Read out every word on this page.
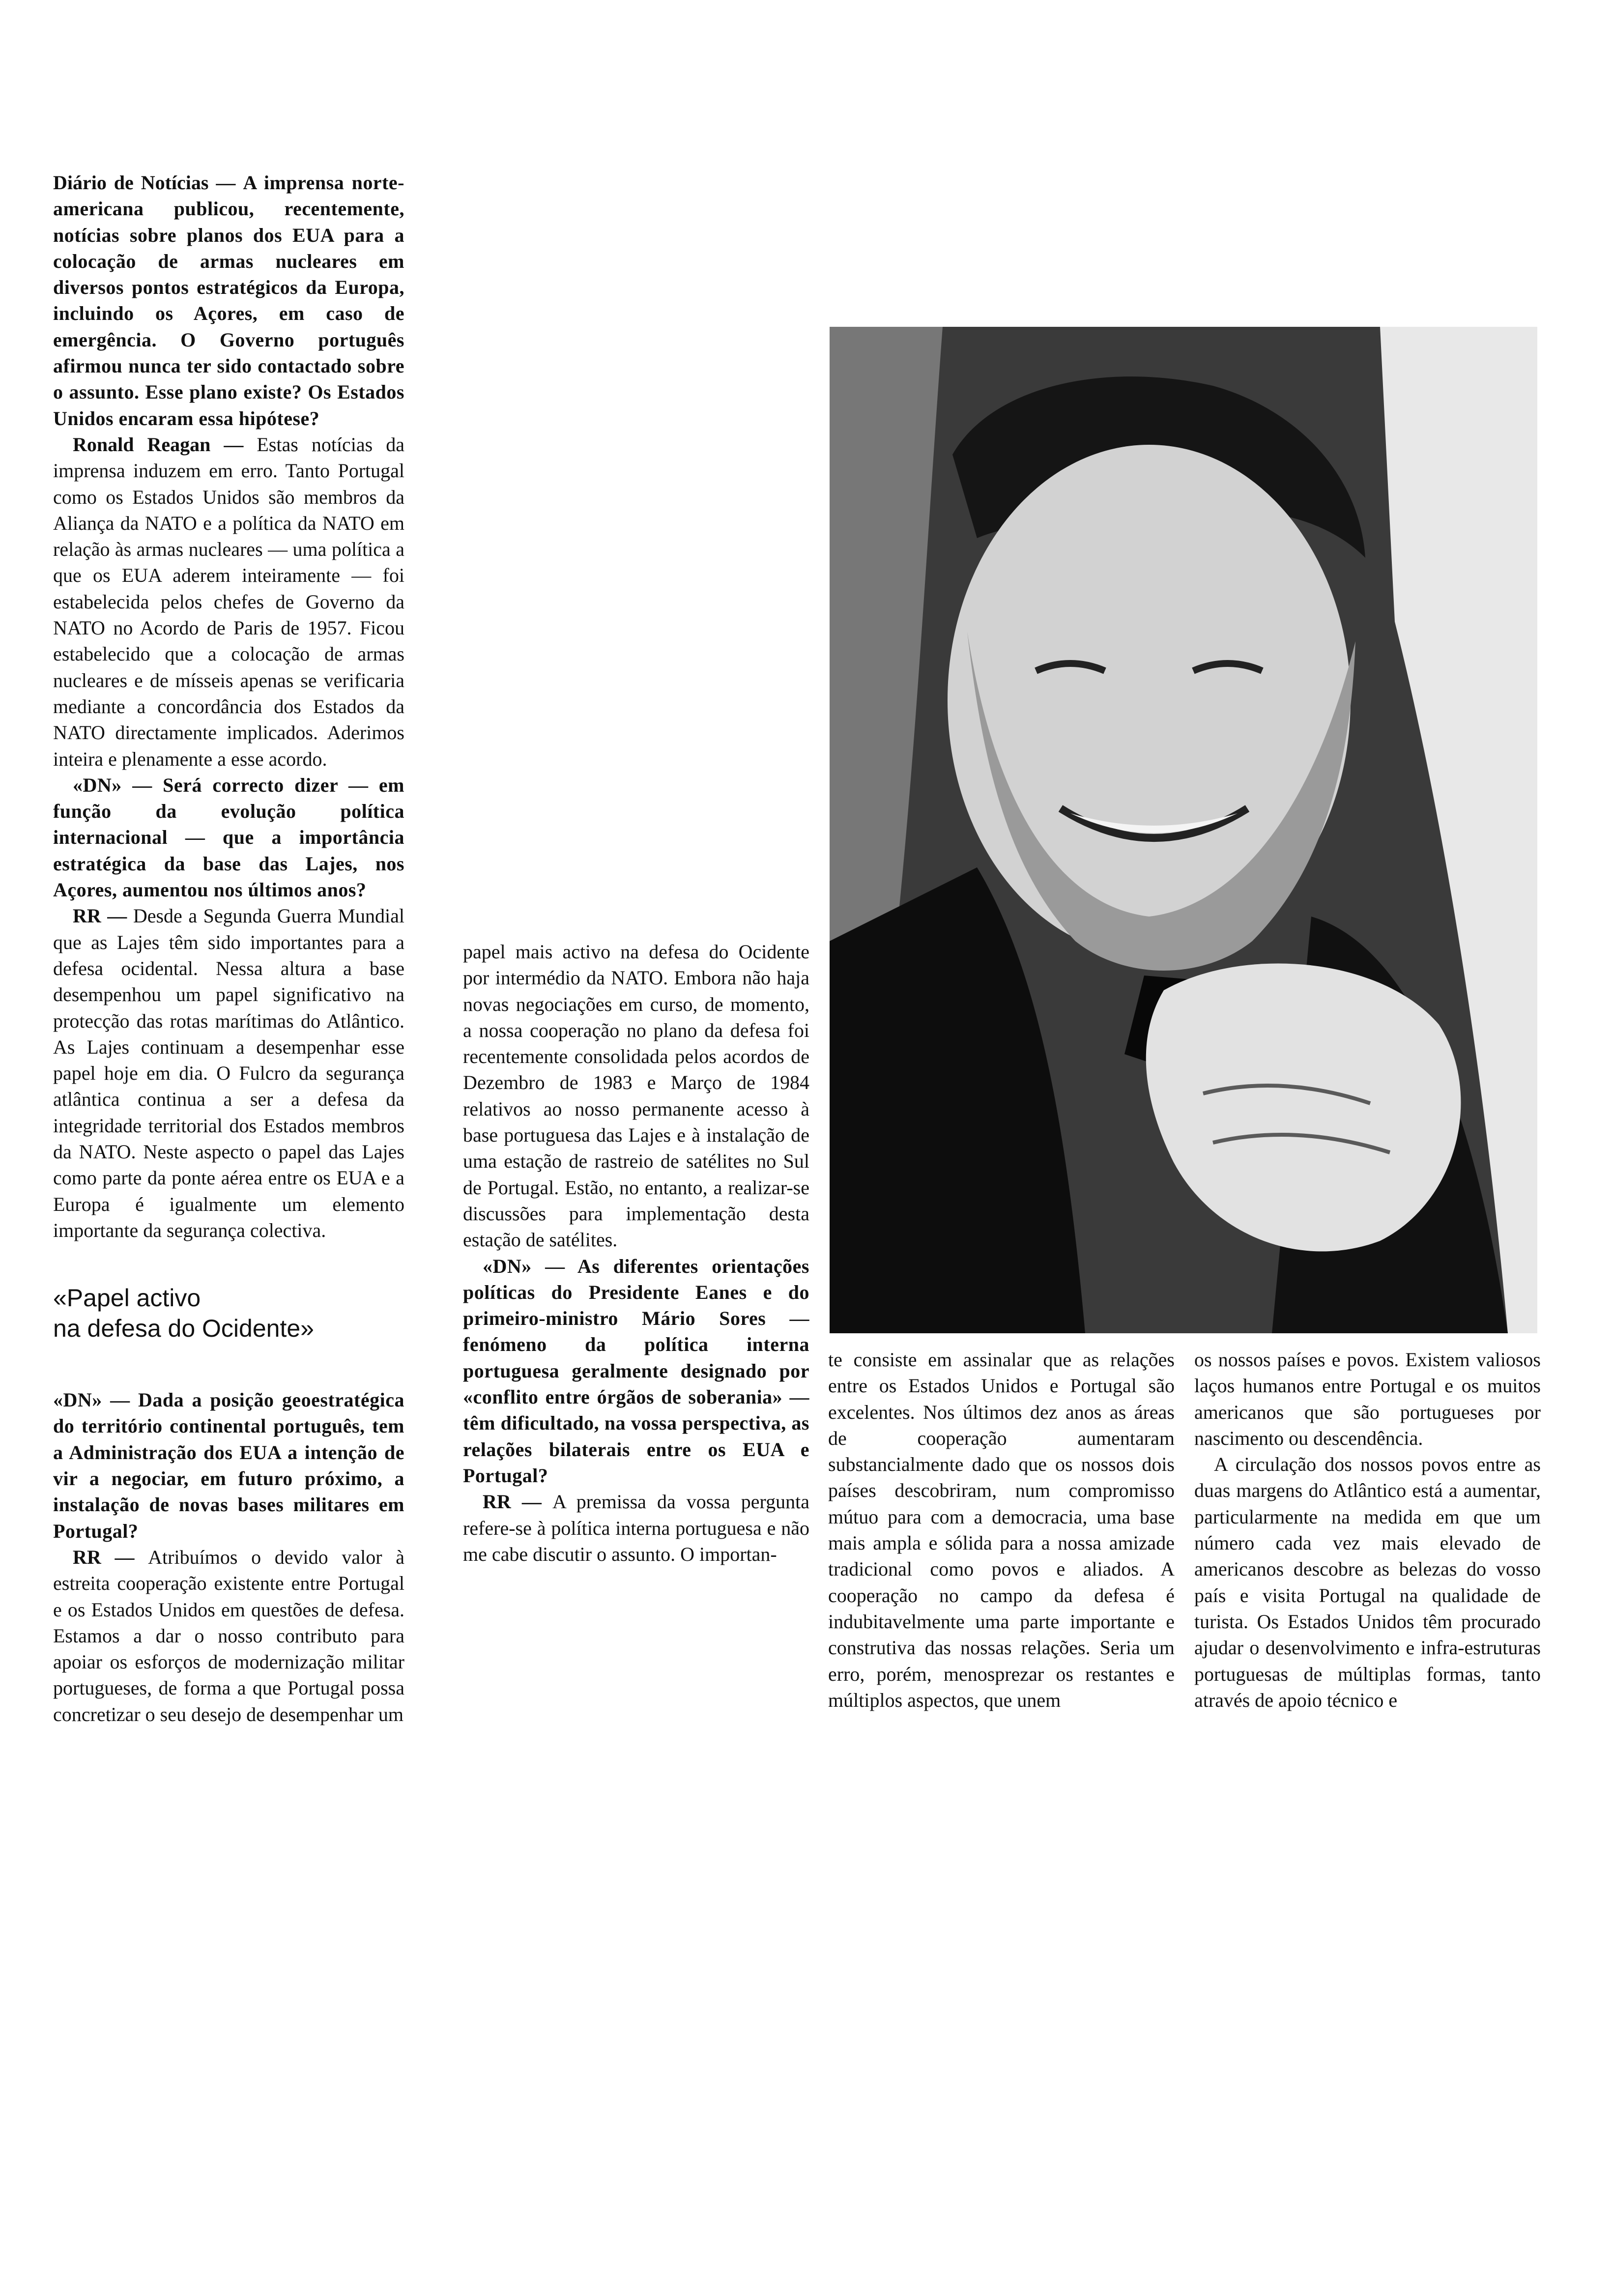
Diário de Notícias — A imprensa norte-americana publicou, recentemente, notícias sobre planos dos EUA para a colocação de armas nucleares em diversos pontos estratégicos da Europa, incluindo os Açores, em caso de emergência. O Governo português afirmou nunca ter sido contactado sobre o assunto. Esse plano existe? Os Estados Unidos encaram essa hipótese?

Ronald Reagan — Estas notícias da imprensa induzem em erro. Tanto Portugal como os Estados Unidos são membros da Aliança da NATO e a política da NATO em relação às armas nucleares — uma política a que os EUA aderem inteiramente — foi estabelecida pelos chefes de Governo da NATO no Acordo de Paris de 1957. Ficou estabelecido que a colocação de armas nucleares e de mísseis apenas se verificaria mediante a concordância dos Estados da NATO directamente implicados. Aderimos inteira e plenamente a esse acordo.

«DN» — Será correcto dizer — em função da evolução política internacional — que a importância estratégica da base das Lajes, nos Açores, aumentou nos últimos anos?

RR — Desde a Segunda Guerra Mundial que as Lajes têm sido importantes para a defesa ocidental. Nessa altura a base desempenhou um papel significativo na protecção das rotas marítimas do Atlântico. As Lajes continuam a desempenhar esse papel hoje em dia. O Fulcro da segurança atlântica continua a ser a defesa da integridade territorial dos Estados membros da NATO. Neste aspecto o papel das Lajes como parte da ponte aérea entre os EUA e a Europa é igualmente um elemento importante da segurança colectiva.

«Papel activo
na defesa do Ocidente»

«DN» — Dada a posição geoestratégica do território continental português, tem a Administração dos EUA a intenção de vir a negociar, em futuro próximo, a instalação de novas bases militares em Portugal?

RR — Atribuímos o devido valor à estreita cooperação existente entre Portugal e os Estados Unidos em questões de defesa. Estamos a dar o nosso contributo para apoiar os esforços de modernização militar portugueses, de forma a que Portugal possa concretizar o seu desejo de desempenhar um

papel mais activo na defesa do Ocidente por intermédio da NATO. Embora não haja novas negociações em curso, de momento, a nossa cooperação no plano da defesa foi recentemente consolidada pelos acordos de Dezembro de 1983 e Março de 1984 relativos ao nosso permanente acesso à base portuguesa das Lajes e à instalação de uma estação de rastreio de satélites no Sul de Portugal. Estão, no entanto, a realizar-se discussões para implementação desta estação de satélites.

«DN» — As diferentes orientações políticas do Presidente Eanes e do primeiro-ministro Mário Sores — fenómeno da política interna portuguesa geralmente designado por «conflito entre órgãos de soberania» — têm dificultado, na vossa perspectiva, as relações bilaterais entre os EUA e Portugal?

RR — A premissa da vossa pergunta refere-se à política interna portuguesa e não me cabe discutir o assunto. O importan-

te consiste em assinalar que as relações entre os Estados Unidos e Portugal são excelentes. Nos últimos dez anos as áreas de cooperação aumentaram substancialmente dado que os nossos dois países descobriram, num compromisso mútuo para com a democracia, uma base mais ampla e sólida para a nossa amizade tradicional como povos e aliados. A cooperação no campo da defesa é indubitavelmente uma parte importante e construtiva das nossas relações. Seria um erro, porém, menosprezar os restantes e múltiplos aspectos, que unem

os nossos países e povos. Existem valiosos laços humanos entre Portugal e os muitos americanos que são portugueses por nascimento ou descendência.

A circulação dos nossos povos entre as duas margens do Atlântico está a aumentar, particularmente na medida em que um número cada vez mais elevado de americanos descobre as belezas do vosso país e visita Portugal na qualidade de turista. Os Estados Unidos têm procurado ajudar o desenvolvimento e infra-estruturas portuguesas de múltiplas formas, tanto através de apoio técnico e
